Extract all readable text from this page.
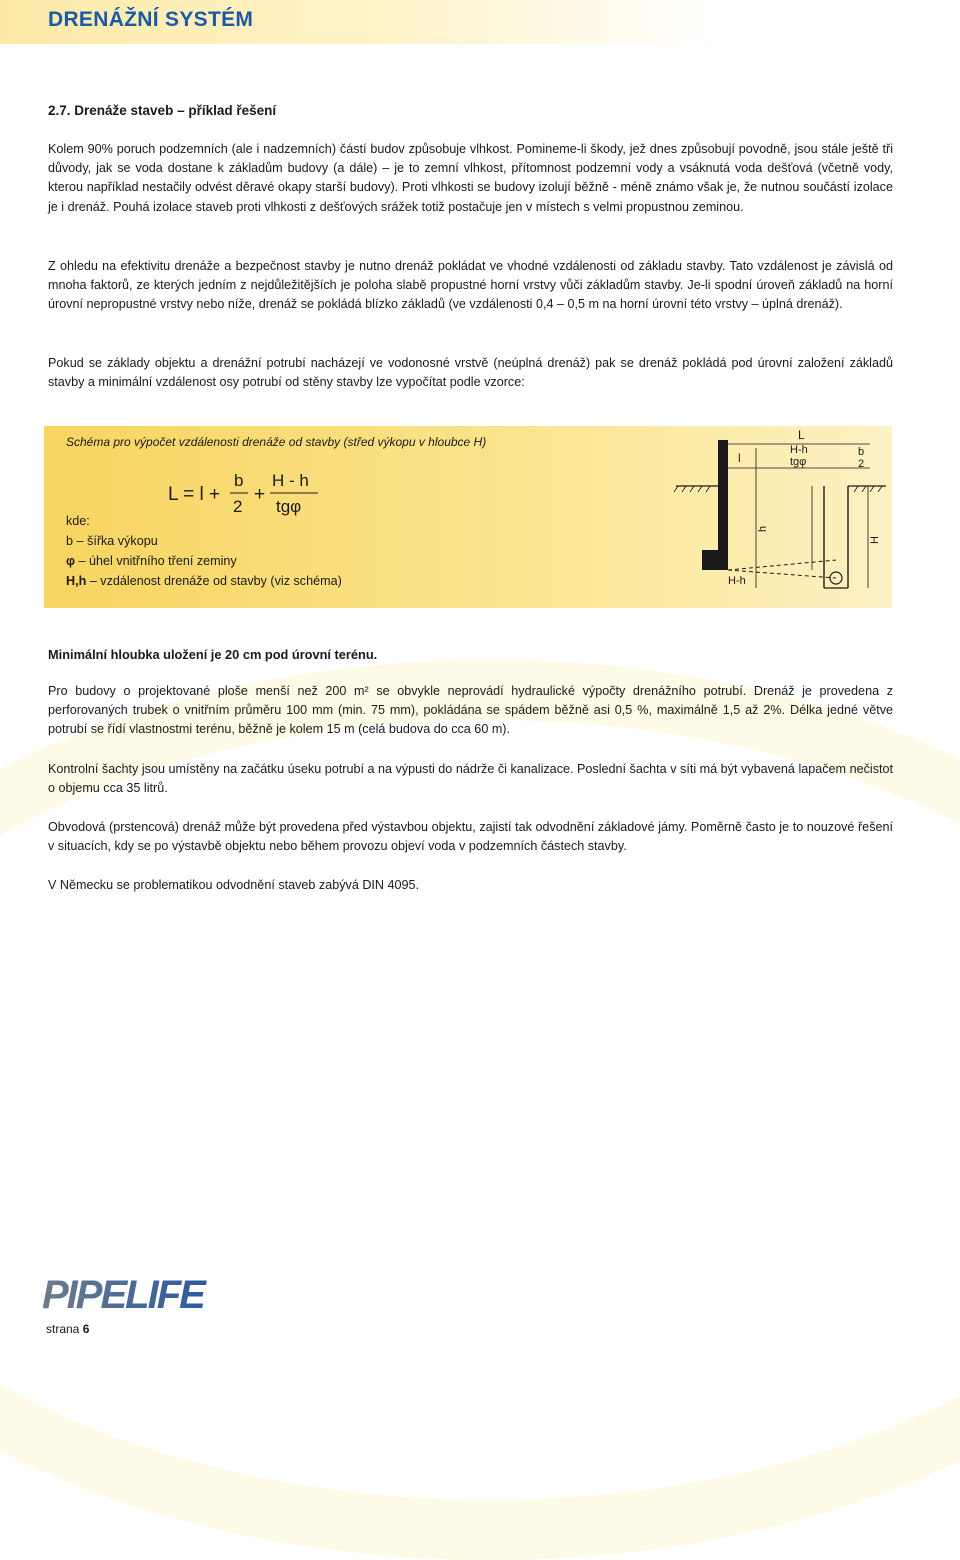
DRENÁŽNÍ SYSTÉM
2.7. Drenáže staveb – příklad řešení

Kolem 90% poruch podzemních (ale i nadzemních) částí budov způsobuje vlhkost. Pomineme-li škody, jež dnes způsobují povodně, jsou stále ještě tři důvody, jak se voda dostane k základům budovy (a dále) – je to zemní vlhkost, přítomnost podzemní vody a vsáknutá voda dešťová (včetně vody, kterou například nestačily odvést děravé okapy starší budovy). Proti vlhkosti se budovy izolují běžně - méně známo však je, že nutnou součástí izolace je i drenáž. Pouhá izolace staveb proti vlhkosti z dešťových srážek totiž postačuje jen v místech s velmi propustnou zeminou.

Z ohledu na efektivitu drenáže a bezpečnost stavby je nutno drenáž pokládat ve vhodné vzdálenosti od základu stavby. Tato vzdálenost je závislá od mnoha faktorů, ze kterých jedním z nejdůležitějších je poloha slabě propustné horní vrstvy vůči základům stavby. Je-li spodní úroveň základů na horní úrovní nepropustné vrstvy nebo níže, drenáž se pokládá blízko základů (ve vzdálenosti 0,4 – 0,5 m na horní úrovní této vrstvy – úplná drenáž).

Pokud se základy objektu a drenážní potrubí nacházejí ve vodonosné vrstvě (neúplná drenáž) pak se drenáž pokládá pod úrovní založení základů stavby a minimální vzdálenost osy potrubí od stěny stavby lze vypočítat podle vzorce:

Schéma pro výpočet vzdálenosti drenáže od stavby (střed výkopu v hloubce H)
L = l +
b
2
+
H - h
tgφ
kde:
b – šířka výkopu
φ – úhel vnitřního tření zeminy
H,h – vzdálenost drenáže od stavby (viz schéma)
L
l
H-h
tgφ
b
2
h
H
H-h

Minimální hloubka uložení je 20 cm pod úrovní terénu.

Pro budovy o projektované ploše menší než 200 m² se obvykle neprovádí hydraulické výpočty drenážního potrubí. Drenáž je provedena z perforovaných trubek o vnitřním průměru 100 mm (min. 75 mm), pokládána se spádem běžně asi 0,5 %, maximálně 1,5 až 2%. Délka jedné větve potrubí se řídí vlastnostmi terénu, běžně je kolem 15 m (celá budova do cca 60 m).

Kontrolní šachty jsou umístěny na začátku úseku potrubí a na výpusti do nádrže či kanalizace. Poslední šachta v síti má být vybavená lapačem nečistot o objemu cca 35 litrů.

Obvodová (prstencová) drenáž může být provedena před výstavbou objektu, zajistí tak odvodnění základové jámy. Poměrně často je to nouzové řešení v situacích, kdy se po výstavbě objektu nebo během provozu objeví voda v podzemních částech stavby.

V Německu se problematikou odvodnění staveb zabývá DIN 4095.

PIPELIFE
strana 6
